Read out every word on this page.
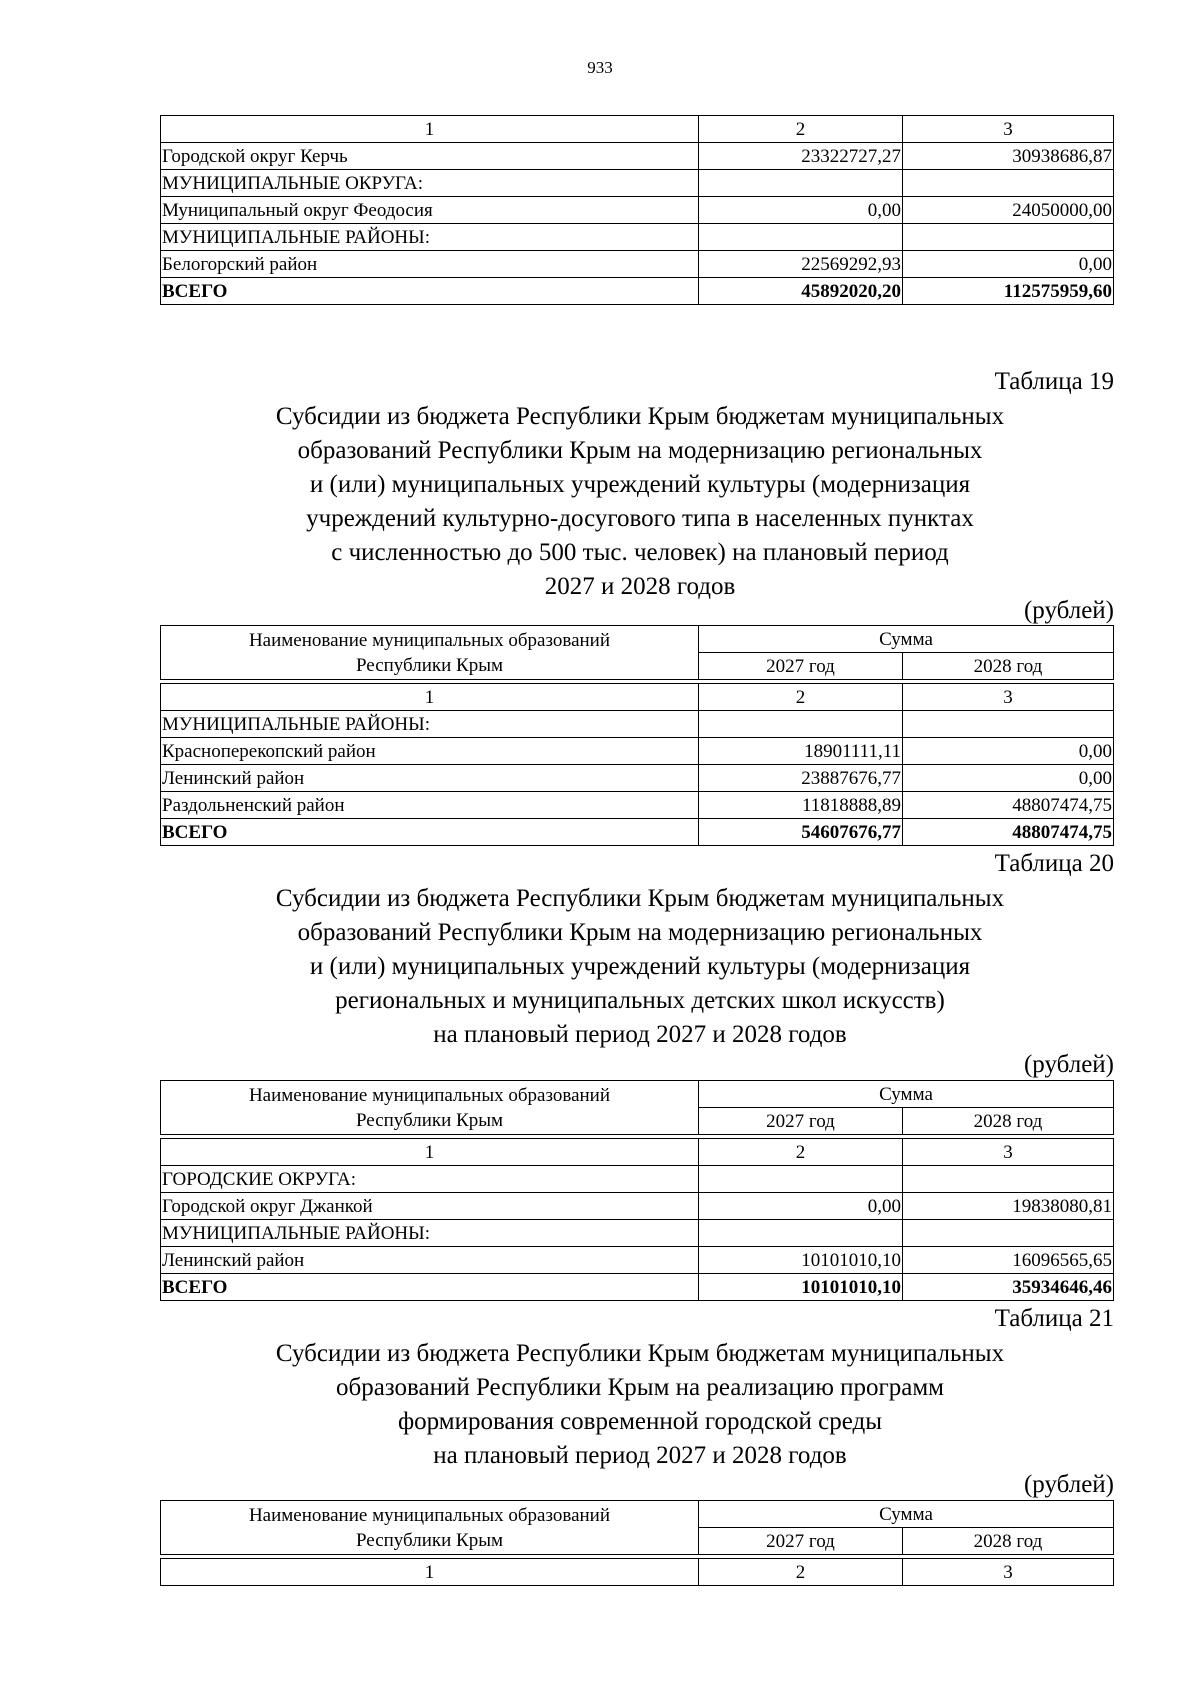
933
1	2	3
Городской округ Керчь	23322727,27	30938686,87
МУНИЦИПАЛЬНЫЕ ОКРУГА:		
Муниципальный округ Феодосия	0,00	24050000,00
МУНИЦИПАЛЬНЫЕ РАЙОНЫ:		
Белогорский район	22569292,93	0,00
ВСЕГО	45892020,20	112575959,60
Таблица 19
Субсидии из бюджета Республики Крым бюджетам муниципальных
образований Республики Крым на модернизацию региональных
и (или) муниципальных учреждений культуры (модернизация
учреждений культурно-досугового типа в населенных пунктах
с численностью до 500 тыс. человек) на плановый период
2027 и 2028 годов
(рублей)
Наименование муниципальных образований
Республики Крым	Сумма	
	2027 год	2028 год

1	2	3
МУНИЦИПАЛЬНЫЕ РАЙОНЫ:		
Красноперекопский район	18901111,11	0,00
Ленинский район	23887676,77	0,00
Раздольненский район	11818888,89	48807474,75
ВСЕГО	54607676,77	48807474,75
Таблица 20
Субсидии из бюджета Республики Крым бюджетам муниципальных
образований Республики Крым на модернизацию региональных
и (или) муниципальных учреждений культуры (модернизация
региональных и муниципальных детских школ искусств)
на плановый период 2027 и 2028 годов
(рублей)
Наименование муниципальных образований
Республики Крым	Сумма	
	2027 год	2028 год

1	2	3
ГОРОДСКИЕ ОКРУГА:		
Городской округ Джанкой	0,00	19838080,81
МУНИЦИПАЛЬНЫЕ РАЙОНЫ:		
Ленинский район	10101010,10	16096565,65
ВСЕГО	10101010,10	35934646,46
Таблица 21
Субсидии из бюджета Республики Крым бюджетам муниципальных
образований Республики Крым на реализацию программ
формирования современной городской среды
на плановый период 2027 и 2028 годов
(рублей)
Наименование муниципальных образований
Республики Крым	Сумма	
	2027 год	2028 год

1	2	3
